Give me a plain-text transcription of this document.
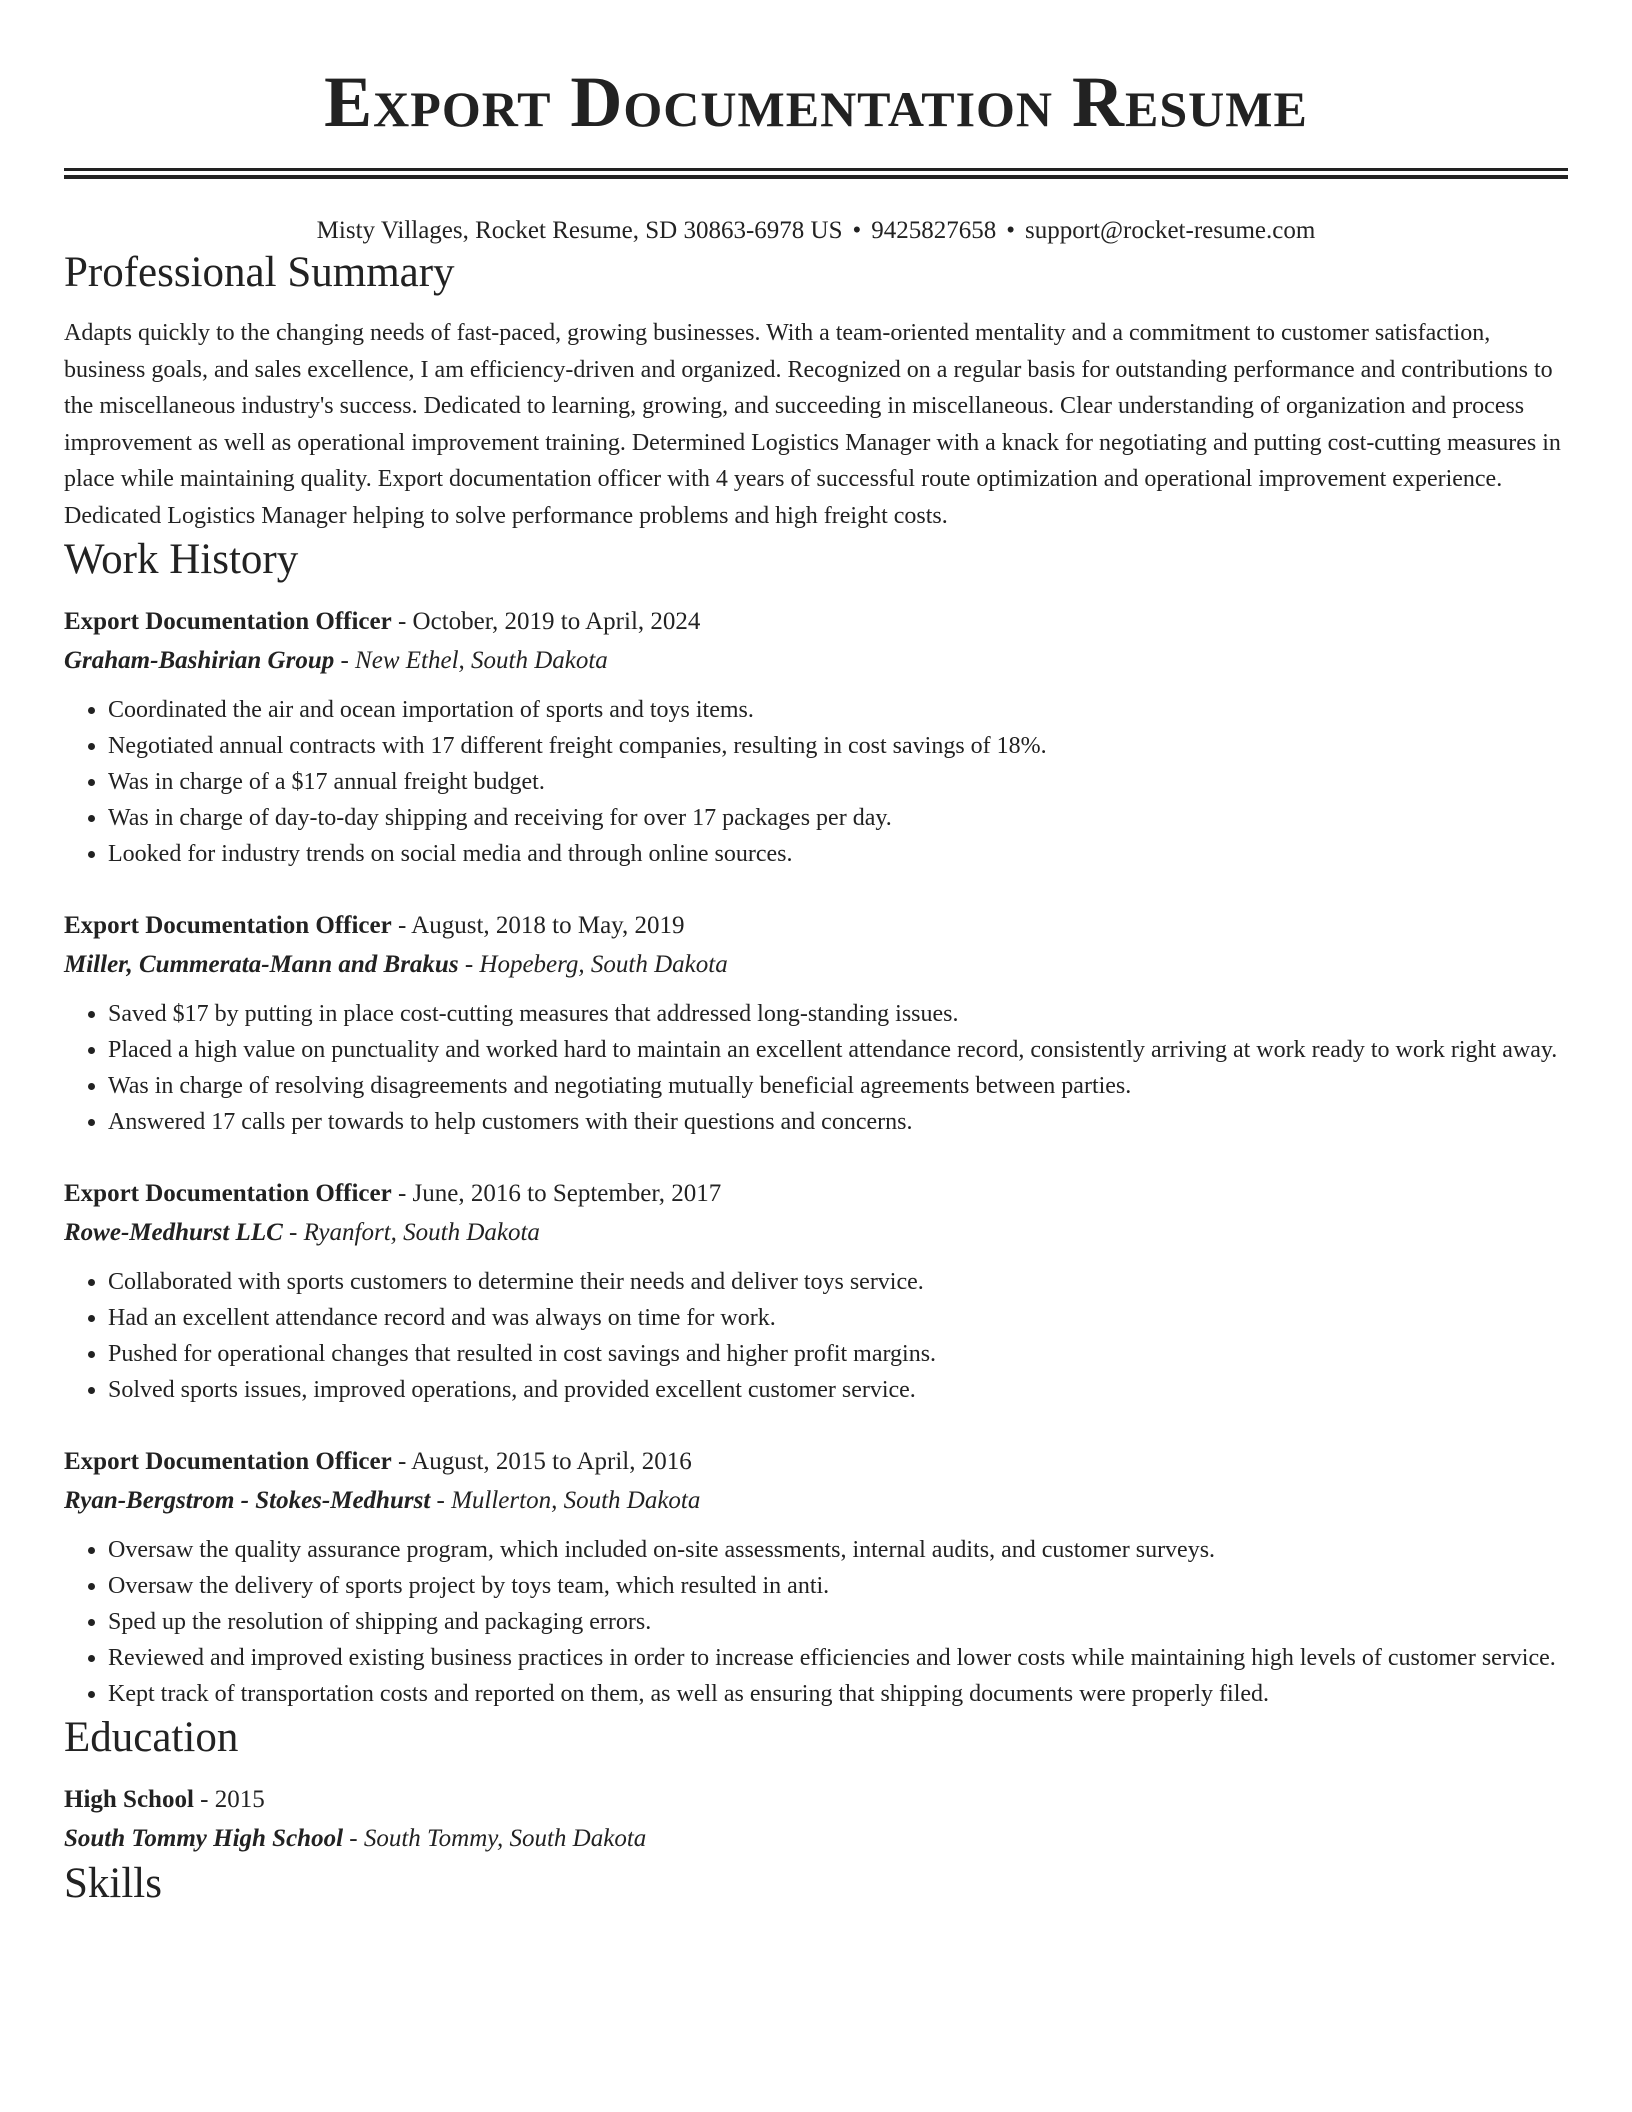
Export Documentation Resume
Misty Villages, Rocket Resume, SD 30863-6978 US • 9425827658 • support@rocket-resume.com
Professional Summary
Adapts quickly to the changing needs of fast-paced, growing businesses. With a team-oriented mentality and a commitment to customer satisfaction, business goals, and sales excellence, I am efficiency-driven and organized. Recognized on a regular basis for outstanding performance and contributions to the miscellaneous industry's success. Dedicated to learning, growing, and succeeding in miscellaneous. Clear understanding of organization and process improvement as well as operational improvement training. Determined Logistics Manager with a knack for negotiating and putting cost-cutting measures in place while maintaining quality. Export documentation officer with 4 years of successful route optimization and operational improvement experience. Dedicated Logistics Manager helping to solve performance problems and high freight costs.
Work History
Export Documentation Officer - October, 2019 to April, 2024
Graham-Bashirian Group - New Ethel, South Dakota
• Coordinated the air and ocean importation of sports and toys items.
• Negotiated annual contracts with 17 different freight companies, resulting in cost savings of 18%.
• Was in charge of a $17 annual freight budget.
• Was in charge of day-to-day shipping and receiving for over 17 packages per day.
• Looked for industry trends on social media and through online sources.
Export Documentation Officer - August, 2018 to May, 2019
Miller, Cummerata-Mann and Brakus - Hopeberg, South Dakota
• Saved $17 by putting in place cost-cutting measures that addressed long-standing issues.
• Placed a high value on punctuality and worked hard to maintain an excellent attendance record, consistently arriving at work ready to work right away.
• Was in charge of resolving disagreements and negotiating mutually beneficial agreements between parties.
• Answered 17 calls per towards to help customers with their questions and concerns.
Export Documentation Officer - June, 2016 to September, 2017
Rowe-Medhurst LLC - Ryanfort, South Dakota
• Collaborated with sports customers to determine their needs and deliver toys service.
• Had an excellent attendance record and was always on time for work.
• Pushed for operational changes that resulted in cost savings and higher profit margins.
• Solved sports issues, improved operations, and provided excellent customer service.
Export Documentation Officer - August, 2015 to April, 2016
Ryan-Bergstrom - Stokes-Medhurst - Mullerton, South Dakota
• Oversaw the quality assurance program, which included on-site assessments, internal audits, and customer surveys.
• Oversaw the delivery of sports project by toys team, which resulted in anti.
• Sped up the resolution of shipping and packaging errors.
• Reviewed and improved existing business practices in order to increase efficiencies and lower costs while maintaining high levels of customer service.
• Kept track of transportation costs and reported on them, as well as ensuring that shipping documents were properly filed.
Education
High School - 2015
South Tommy High School - South Tommy, South Dakota
Skills
